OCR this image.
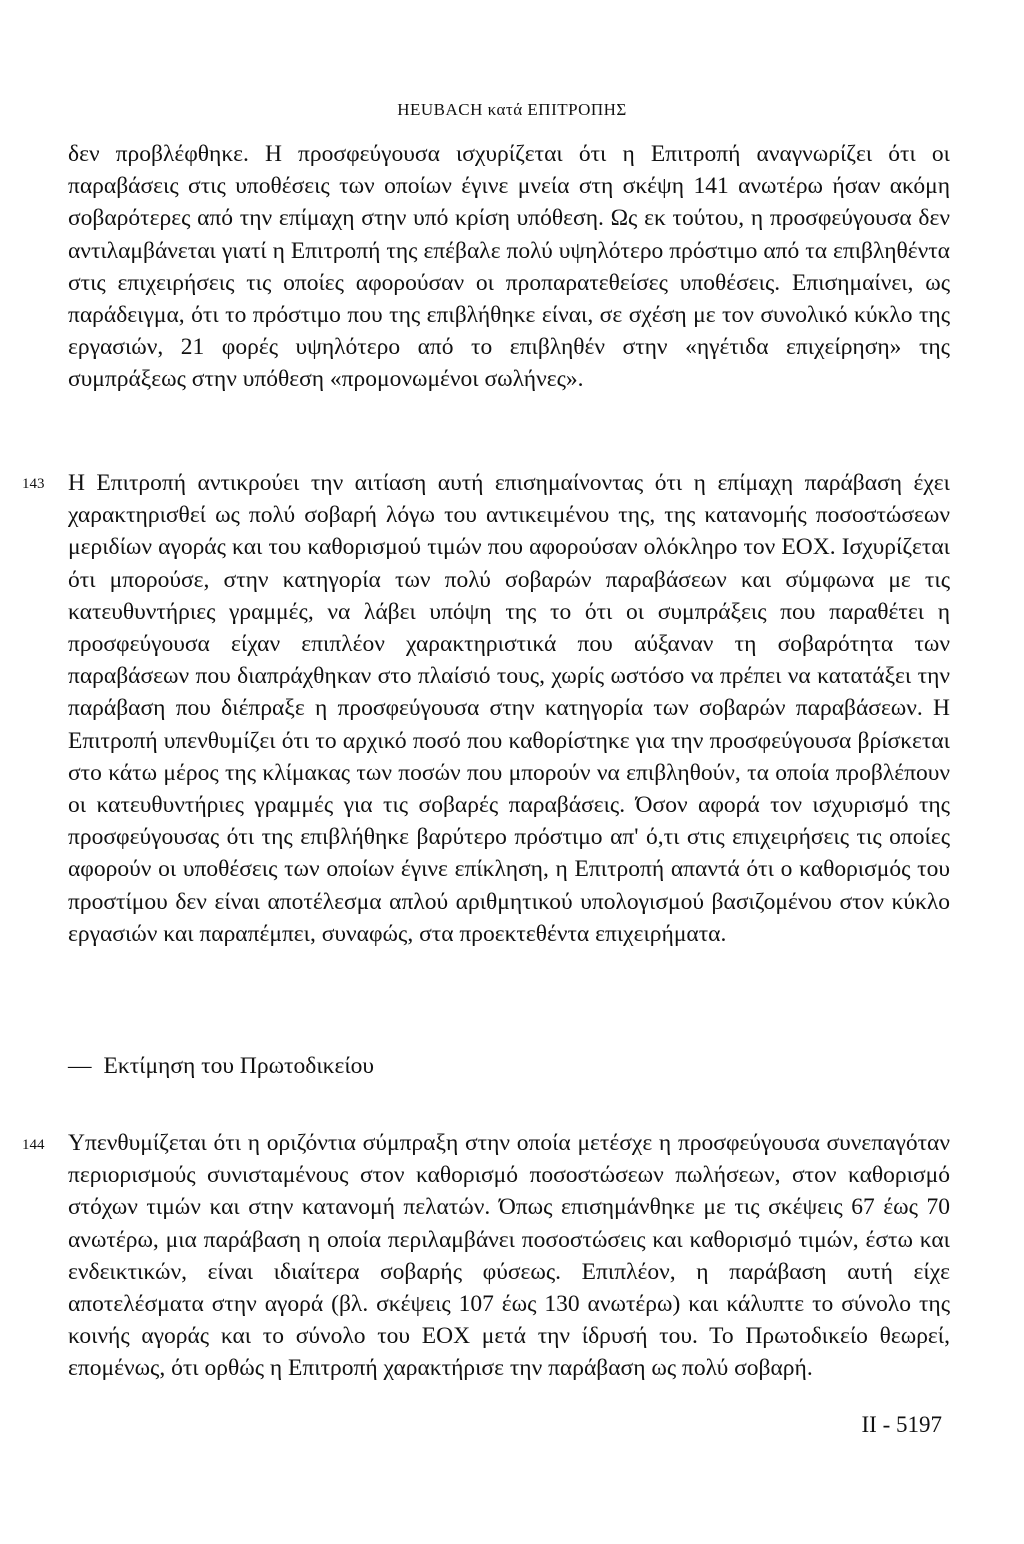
HEUBACH κατά ΕΠΙΤΡΟΠΗΣ

δεν προβλέφθηκε. Η προσφεύγουσα ισχυρίζεται ότι η Επιτροπή αναγνωρίζει ότι οι παραβάσεις στις υποθέσεις των οποίων έγινε μνεία στη σκέψη 141 ανωτέρω ήσαν ακόμη σοβαρότερες από την επίμαχη στην υπό κρίση υπόθεση. Ως εκ τούτου, η προσφεύγουσα δεν αντιλαμβάνεται γιατί η Επιτροπή της επέβαλε πολύ υψηλότερο πρόστιμο από τα επιβληθέντα στις επιχειρήσεις τις οποίες αφορούσαν οι προπαρατεθείσες υποθέσεις. Επισημαίνει, ως παράδειγμα, ότι το πρόστιμο που της επιβλήθηκε είναι, σε σχέση με τον συνολικό κύκλο της εργασιών, 21 φορές υψηλότερο από το επιβληθέν στην «ηγέτιδα επιχείρηση» της συμπράξεως στην υπόθεση «προμονωμένοι σωλήνες».

143 Η Επιτροπή αντικρούει την αιτίαση αυτή επισημαίνοντας ότι η επίμαχη παράβαση έχει χαρακτηρισθεί ως πολύ σοβαρή λόγω του αντικειμένου της, της κατανομής ποσοστώσεων μεριδίων αγοράς και του καθορισμού τιμών που αφορούσαν ολόκληρο τον ΕΟΧ. Ισχυρίζεται ότι μπορούσε, στην κατηγορία των πολύ σοβαρών παραβάσεων και σύμφωνα με τις κατευθυντήριες γραμμές, να λάβει υπόψη της το ότι οι συμπράξεις που παραθέτει η προσφεύγουσα είχαν επιπλέον χαρακτηριστικά που αύξαναν τη σοβαρότητα των παραβάσεων που διαπράχθηκαν στο πλαίσιό τους, χωρίς ωστόσο να πρέπει να κατατάξει την παράβαση που διέπραξε η προσφεύγουσα στην κατηγορία των σοβαρών παραβάσεων. Η Επιτροπή υπενθυμίζει ότι το αρχικό ποσό που καθορίστηκε για την προσφεύγουσα βρίσκεται στο κάτω μέρος της κλίμακας των ποσών που μπορούν να επιβληθούν, τα οποία προβλέπουν οι κατευθυντήριες γραμμές για τις σοβαρές παραβάσεις. Όσον αφορά τον ισχυρισμό της προσφεύγουσας ότι της επιβλήθηκε βαρύτερο πρόστιμο απ' ό,τι στις επιχειρήσεις τις οποίες αφορούν οι υποθέσεις των οποίων έγινε επίκληση, η Επιτροπή απαντά ότι ο καθορισμός του προστίμου δεν είναι αποτέλεσμα απλού αριθμητικού υπολογισμού βασιζομένου στον κύκλο εργασιών και παραπέμπει, συναφώς, στα προεκτεθέντα επιχειρήματα.

— Εκτίμηση του Πρωτοδικείου
144 Υπενθυμίζεται ότι η οριζόντια σύμπραξη στην οποία μετέσχε η προσφεύγουσα συνεπαγόταν περιορισμούς συνισταμένους στον καθορισμό ποσοστώσεων πωλήσεων, στον καθορισμό στόχων τιμών και στην κατανομή πελατών. Όπως επισημάνθηκε με τις σκέψεις 67 έως 70 ανωτέρω, μια παράβαση η οποία περιλαμβάνει ποσοστώσεις και καθορισμό τιμών, έστω και ενδεικτικών, είναι ιδιαίτερα σοβαρής φύσεως. Επιπλέον, η παράβαση αυτή είχε αποτελέσματα στην αγορά (βλ. σκέψεις 107 έως 130 ανωτέρω) και κάλυπτε το σύνολο της κοινής αγοράς και το σύνολο του ΕΟΧ μετά την ίδρυσή του. Το Πρωτοδικείο θεωρεί, επομένως, ότι ορθώς η Επιτροπή χαρακτήρισε την παράβαση ως πολύ σοβαρή.

II - 5197
